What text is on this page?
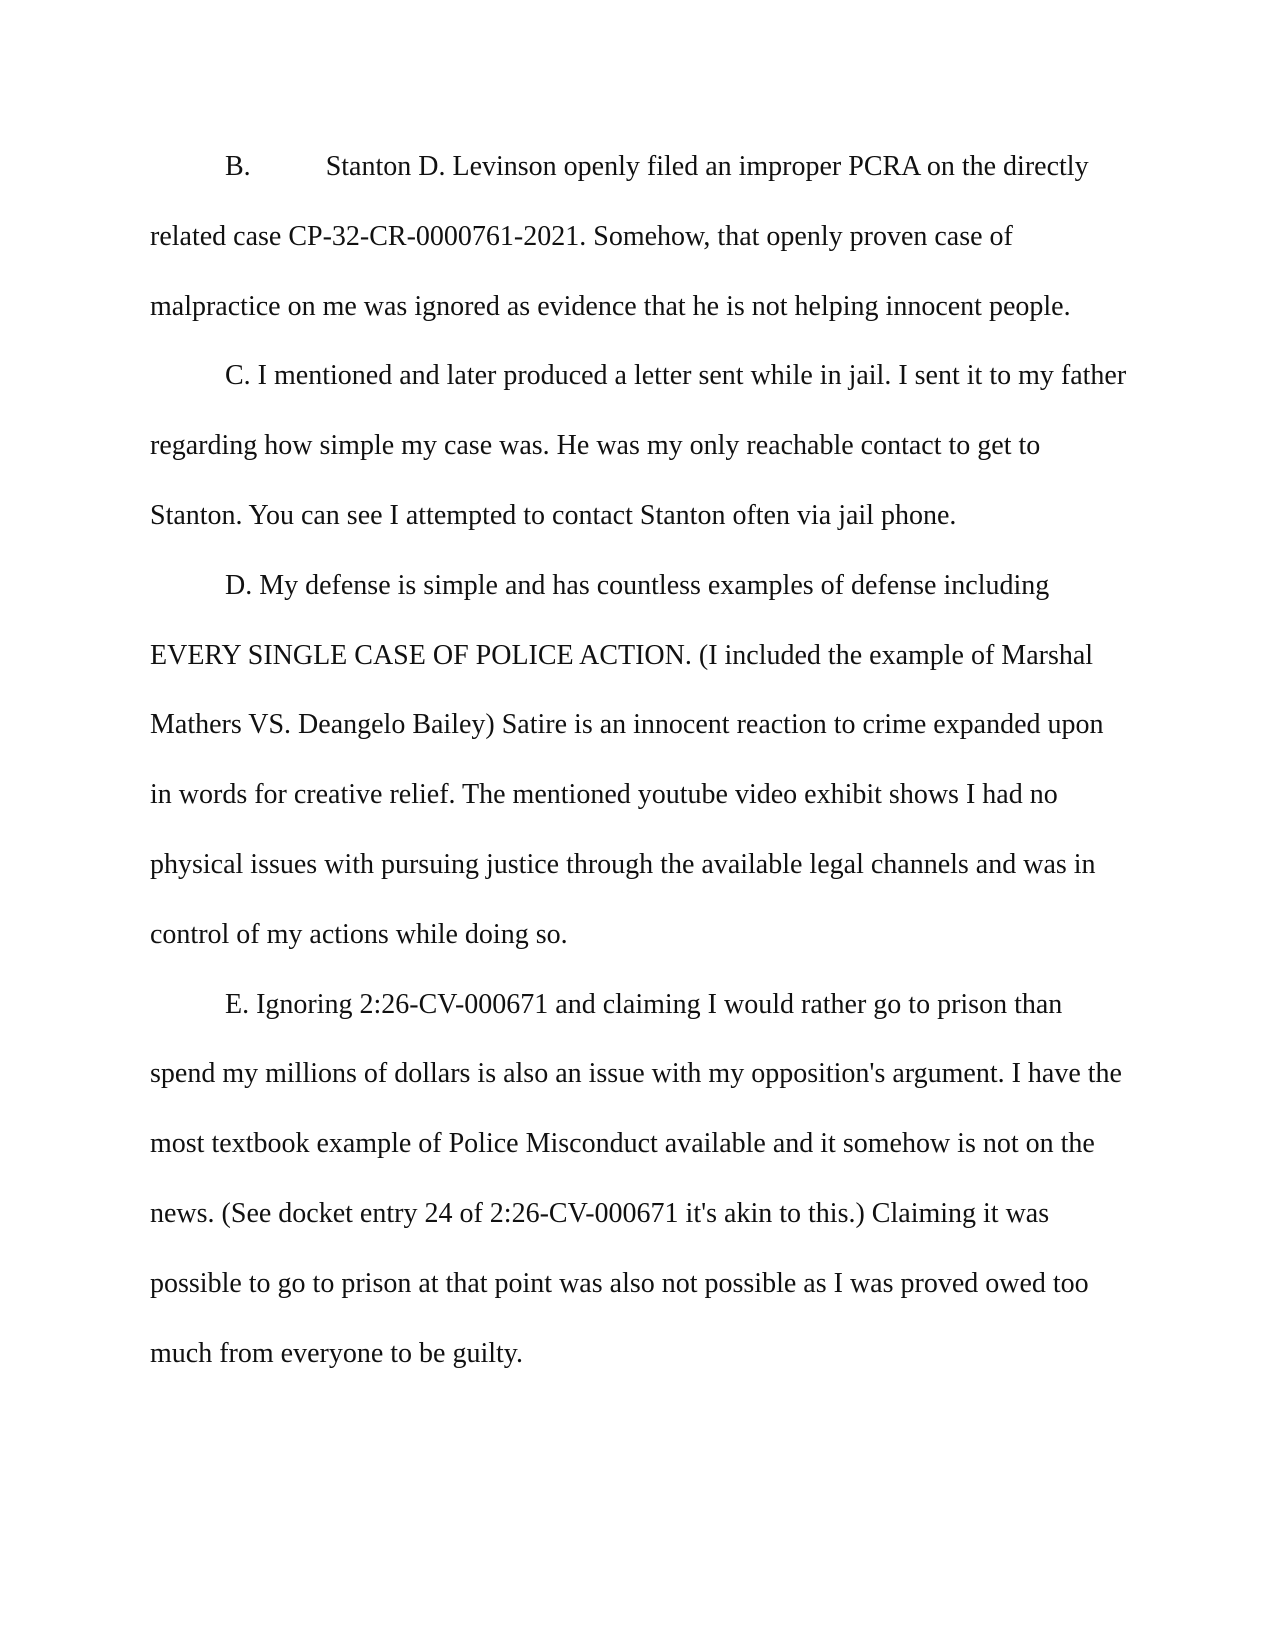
B.	Stanton D. Levinson openly filed an improper PCRA on the directly related case CP-32-CR-0000761-2021. Somehow, that openly proven case of malpractice on me was ignored as evidence that he is not helping innocent people.

C. I mentioned and later produced a letter sent while in jail. I sent it to my father regarding how simple my case was. He was my only reachable contact to get to Stanton. You can see I attempted to contact Stanton often via jail phone.

D. My defense is simple and has countless examples of defense including EVERY SINGLE CASE OF POLICE ACTION. (I included the example of Marshal Mathers VS. Deangelo Bailey) Satire is an innocent reaction to crime expanded upon in words for creative relief. The mentioned youtube video exhibit shows I had no physical issues with pursuing justice through the available legal channels and was in control of my actions while doing so.

E. Ignoring 2:26-CV-000671 and claiming I would rather go to prison than spend my millions of dollars is also an issue with my opposition's argument. I have the most textbook example of Police Misconduct available and it somehow is not on the news. (See docket entry 24 of 2:26-CV-000671 it's akin to this.) Claiming it was possible to go to prison at that point was also not possible as I was proved owed too much from everyone to be guilty.
